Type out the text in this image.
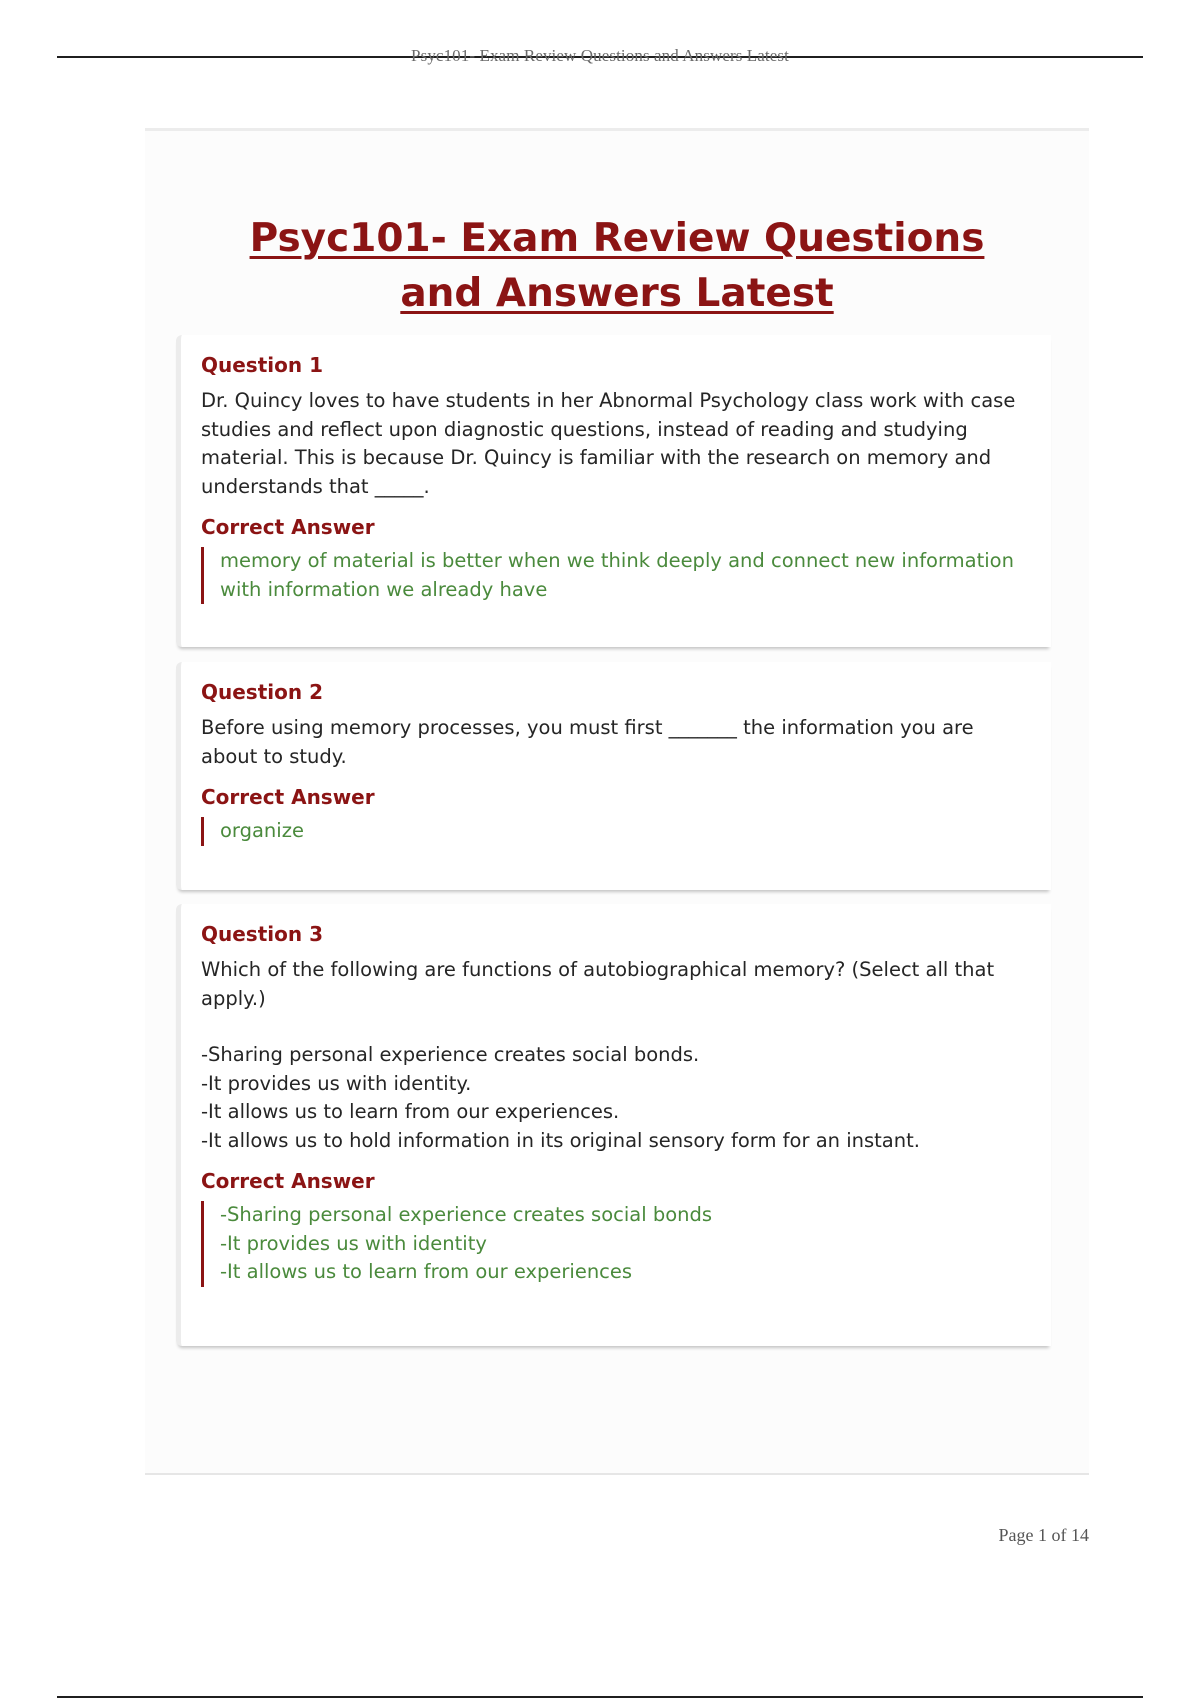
Psyc101- Exam Review Questions and Answers Latest
Psyc101- Exam Review Questions and Answers Latest
Question 1

Dr. Quincy loves to have students in her Abnormal Psychology class work with case studies and reflect upon diagnostic questions, instead of reading and studying material. This is because Dr. Quincy is familiar with the research on memory and understands that _____.

Correct Answer
memory of material is better when we think deeply and connect new information with information we already have
Question 2

Before using memory processes, you must first _______ the information you are about to study.

Correct Answer
organize
Question 3

Which of the following are functions of autobiographical memory? (Select all that apply.)

-Sharing personal experience creates social bonds.
-It provides us with identity.
-It allows us to learn from our experiences.
-It allows us to hold information in its original sensory form for an instant.
Correct Answer
-Sharing personal experience creates social bonds
-It provides us with identity
-It allows us to learn from our experiences
Page 1 of 14
